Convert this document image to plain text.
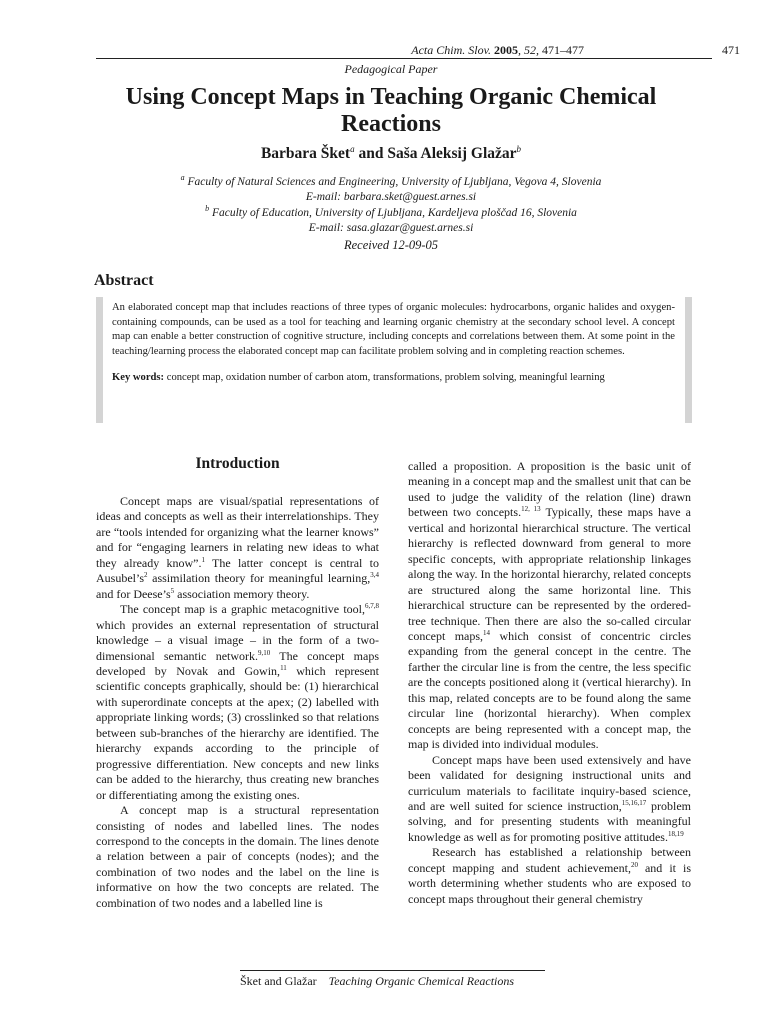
Acta Chim. Slov. 2005, 52, 471–477	471
Pedagogical Paper
Using Concept Maps in Teaching Organic Chemical Reactions
Barbara Šket$^a$ and Saša Aleksij Glažar$^b$
$^a$ Faculty of Natural Sciences and Engineering, University of Ljubljana, Vegova 4, Slovenia
E-mail: barbara.sket@guest.arnes.si
$^b$ Faculty of Education, University of Ljubljana, Kardeljeva ploščad 16, Slovenia
E-mail: sasa.glazar@guest.arnes.si
Received 12-09-05
Abstract

An elaborated concept map that includes reactions of three types of organic molecules: hydrocarbons, organic halides and oxygen-containing compounds, can be used as a tool for teaching and learning organic chemistry at the secondary school level. A concept map can enable a better construction of cognitive structure, including concepts and correlations between them. At some point in the teaching/learning process the elaborated concept map can facilitate problem solving and in completing reaction schemes.

Key words: concept map, oxidation number of carbon atom, transformations, problem solving, meaningful learning

Introduction

Concept maps are visual/spatial representations of ideas and concepts as well as their interrelationships. They are “tools intended for organizing what the learner knows” and for “engaging learners in relating new ideas to what they already know”.$^1$ The latter concept is central to $Ausubel’s^2$ assimilation theory for meaningful learning,$^{3,4}$ and for $Deese’s^5$ association memory theory.

The concept map is a graphic metacognitive tool,$^{6,7,8}$ which provides an external representation of structural knowledge – a visual image – in the form of a two-dimensional semantic network.$^{9,10}$ The concept maps developed by Novak and Gowin,$^{11}$ which represent scientific concepts graphically, should be: (1) hierarchical with superordinate concepts at the apex; (2) labelled with appropriate linking words; (3) crosslinked so that relations between sub-branches of the hierarchy are identified. The hierarchy expands according to the principle of progressive differentiation. New concepts and new links can be added to the hierarchy, thus creating new branches or differentiating among the existing ones.

A concept map is a structural representation consisting of nodes and labelled lines. The nodes correspond to the concepts in the domain. The lines denote a relation between a pair of concepts (nodes); and the combination of two nodes and the label on the line is informative on how the two concepts are related. The combination of two nodes and a labelled line is

called a proposition. A proposition is the basic unit of meaning in a concept map and the smallest unit that can be used to judge the validity of the relation (line) drawn between two concepts.$^{12, 13}$ Typically, these maps have a vertical and horizontal hierarchical structure. The vertical hierarchy is reflected downward from general to more specific concepts, with appropriate relationship linkages along the way. In the horizontal hierarchy, related concepts are structured along the same horizontal line. This hierarchical structure can be represented by the ordered-tree technique. Then there are also the so-called circular concept maps,$^{14}$ which consist of concentric circles expanding from the general concept in the centre. The farther the circular line is from the centre, the less specific are the concepts positioned along it (vertical hierarchy). In this map, related concepts are to be found along the same circular line (horizontal hierarchy). When complex concepts are being represented with a concept map, the map is divided into individual modules.

Concept maps have been used extensively and have been validated for designing instructional units and curriculum materials to facilitate inquiry-based science, and are well suited for science instruction,$^{15,16,17}$ problem solving, and for presenting students with meaningful knowledge as well as for promoting positive attitudes.$^{18,19}$

Research has established a relationship between concept mapping and student achievement,$^{20}$ and it is worth determining whether students who are exposed to concept maps throughout their general chemistry

Šket and Glažar Teaching Organic Chemical Reactions
